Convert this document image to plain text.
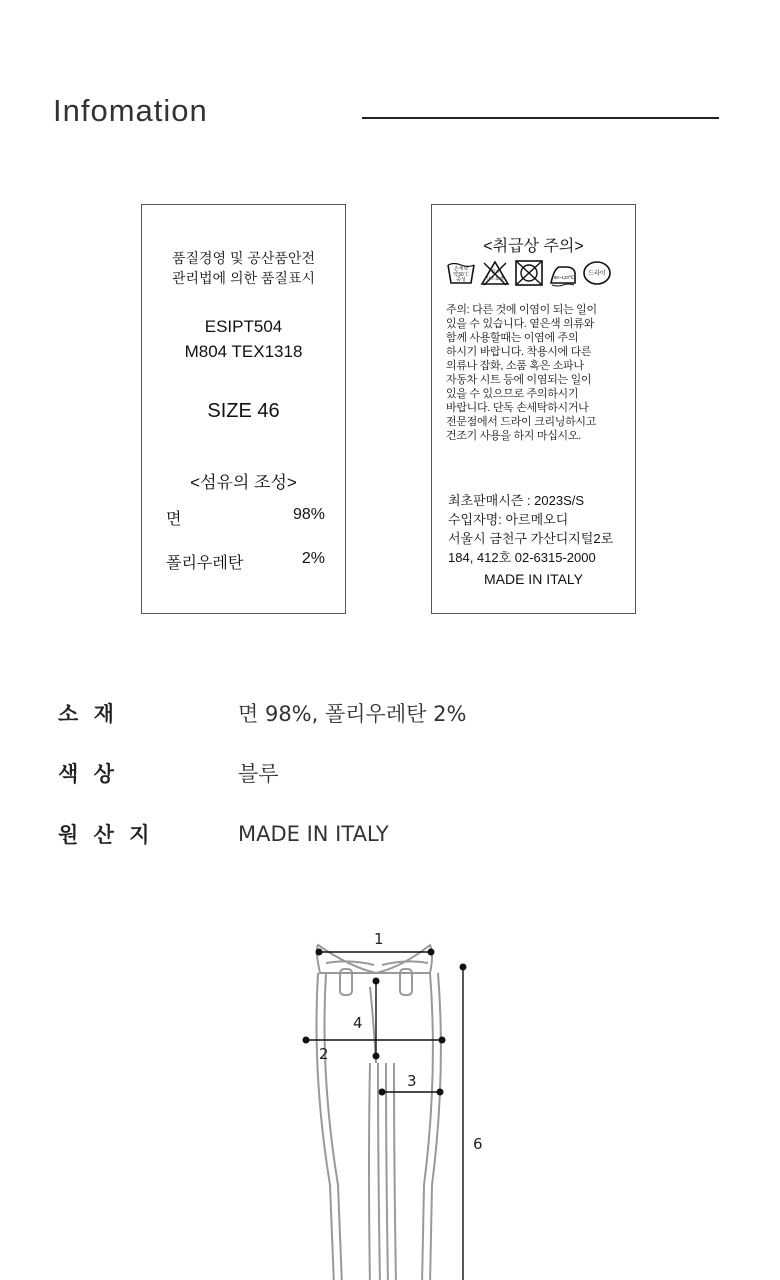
Infomation
품질경영 및 공산품안전
관리법에 의한 품질표시
ESIPT504
M804 TEX1318
SIZE 46
<섬유의 조성>
면	98%
폴리우레탄	2%
<취급상 주의>
손세탁
약30℃
중성
염소
산소표백	80~120℃
드라이
주의: 다른 것에 이염이 되는 일이
있을 수 있습니다. 옅은색 의류와
함께 사용할때는 이염에 주의
하시기 바랍니다. 착용시에 다른
의류나 잡화, 소품 혹은 소파나
자동차 시트 등에 이염되는 일이
있을 수 있으므로 주의하시기
바랍니다. 단독 손세탁하시거나
전문점에서 드라이 크리닝하시고
건조기 사용을 하지 마십시오.
최초판매시즌 : 2023S/S
수입자명: 아르메오디
서울시 금천구 가산디지털2로
184, 412호 02-6315-2000
MADE IN ITALY
소 재	면 98%, 폴리우레탄 2%
색 상	블루
원 산 지	MADE IN ITALY
1
2
3
4
6
